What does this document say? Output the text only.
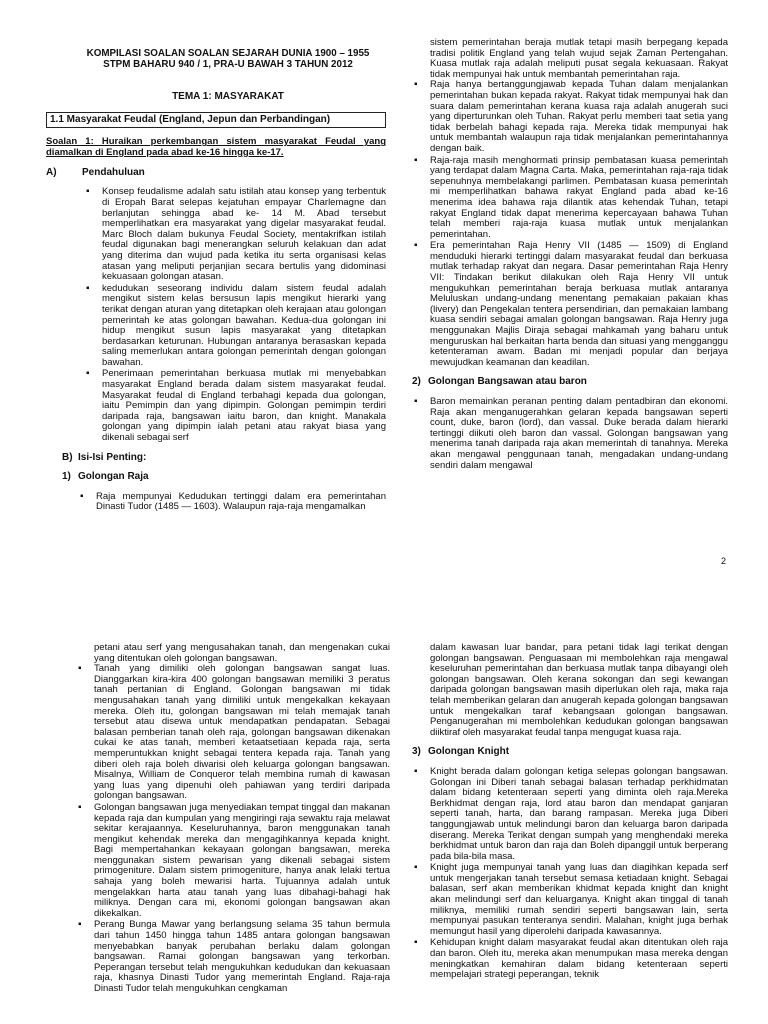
KOMPILASI SOALAN SOALAN SEJARAH DUNIA 1900 – 1955
STPM BAHARU 940 / 1, PRA-U BAWAH 3 TAHUN 2012
TEMA 1: MASYARAKAT
1.1 Masyarakat Feudal (England, Jepun dan Perbandingan)
Soalan 1: Huraikan perkembangan sistem masyarakat Feudal yang diamalkan di England pada abad ke-16 hingga ke-17.
A)	Pendahuluan
▪ Konsep feudalisme adalah satu istilah atau konsep yang terbentuk di Eropah Barat selepas kejatuhan empayar Charlemagne dan berlanjutan sehingga abad ke- 14 M. Abad tersebut memperlihatkan era masyarakat yang digelar masyarakat feudal. Marc Bloch dalam bukunya Feudal Society, mentakrifkan istilah feudal digunakan bagi menerangkan seluruh kelakuan dan adat yang diterima dan wujud pada ketika itu serta organisasi kelas atasan yang meliputi perjanjian secara bertulis yang didominasi kekuasaan golongan atasan.
▪ kedudukan seseorang individu dalam sistem feudal adalah mengikut sistem kelas bersusun lapis mengikut hierarki yang terikat dengan aturan yang ditetapkan oleh kerajaan atau golongan pemerintah ke atas golongan bawahan. Kedua-dua golongan ini hidup mengikut susun lapis masyarakat yang ditetapkan berdasarkan keturunan. Hubungan antaranya berasaskan kepada saling memerlukan antara golongan pemerintah dengan golongan bawahan.
▪ Penerimaan pemerintahan berkuasa mutlak mi menyebabkan masyarakat England berada dalam sistem masyarakat feudal. Masyarakat feudal di England terbahagi kepada dua golongan, iaitu Pemimpin dan yang dipimpin. Golongan pemimpin terdiri daripada raja, bangsawan iaitu baron, dan knight. Manakala golongan yang dipimpin ialah petani atau rakyat biasa yang dikenali sebagai serf
B) Isi-Isi Penting:
1) Golongan Raja
▪ Raja mempunyai Kedudukan tertinggi dalam era pemerintahan Dinasti Tudor (1485 — 1603). Walaupun raja-raja mengamalkan
sistem pemerintahan beraja mutlak tetapi masih berpegang kepada tradisi politik England yang telah wujud sejak Zaman Pertengahan. Kuasa mutlak raja adalah meliputi pusat segala kekuasaan. Rakyat tidak mempunyai hak untuk membantah pemerintahan raja.
▪ Raja hanya bertanggungjawab kepada Tuhan dalam menjalankan pemerintahan bukan kepada rakyat. Rakyat tidak mempunyai hak dan suara dalam pemerintahan kerana kuasa raja adalah anugerah suci yang diperturunkan oleh Tuhan. Rakyat perlu memberi taat setia yang tidak berbelah bahagi kepada raja. Mereka tidak mempunyai hak untuk membantah walaupun raja tidak menjalankan pemerintahannya dengan baik.
▪ Raja-raja masih menghormati prinsip pembatasan kuasa pemerintah yang terdapat dalam Magna Carta. Maka, pemerintahan raja-raja tidak sepenuhnya membelakangi parlimen. Pembatasan kuasa pemerintah mi memperlihatkan bahawa rakyat England pada abad ke-16 menerima idea bahawa raja dilantik atas kehendak Tuhan, tetapi rakyat England tidak dapat menerima kepercayaan bahawa Tuhan telah memberi raja-raja kuasa mutlak untuk menjalankan pemerintahan.
▪ Era pemerintahan Raja Henry VII (1485 — 1509) di England menduduki hierarki tertinggi dalam masyarakat feudal dan berkuasa mutlak terhadap rakyat dan negara. Dasar pemerintahan Raja Henry VII: Tindakan berikut dilakukan oleh Raja Henry VII untuk mengukuhkan pemerintahan beraja berkuasa mutlak antaranya Meluluskan undang-undang menentang pemakaian pakaian khas (livery) dan Pengekalan tentera persendirian, dan pemakaian lambang kuasa sendiri sebagai amalan golongan bangsawan. Raja Henry juga menggunakan Majlis Diraja sebagai mahkamah yang baharu untuk menguruskan hal berkaitan harta benda dan situasi yang mengganggu ketenteraman awam. Badan mi menjadi popular dan berjaya mewujudkan keamanan dan keadilan.
2) Golongan Bangsawan atau baron
▪ Baron memainkan peranan penting dalam pentadbiran dan ekonomi. Raja akan menganugerahkan gelaran kepada bangsawan seperti count, duke, baron (lord), dan vassal. Duke berada dalam hierarki tertinggi diikuti oleh baron dan vassal. Golongan bangsawan yang menerima tanah daripada raja akan memerintah di tanahnya. Mereka akan mengawal penggunaan tanah, mengadakan undang-undang sendiri dalam mengawal
2
petani atau serf yang mengusahakan tanah, dan mengenakan cukai yang ditentukan oleh golongan bangsawan.
▪ Tanah yang dimiliki oleh golongan bangsawan sangat luas. Dianggarkan kira-kira 400 golongan bangsawan memiliki 3 peratus tanah pertanian di England. Golongan bangsawan mi tidak mengusahakan tanah yang dimiliki untuk mengekalkan kekayaan mereka. Oleh itu, golongan bangsawan mi telah memajak tanah tersebut atau disewa untuk mendapatkan pendapatan. Sebagai balasan pemberian tanah oleh raja, golongan bangsawan dikenakan cukai ke atas tanah, memberi ketaatsetiaan kepada raja, serta memperuntukkan knight sebagai tentera kepada raja. Tanah yang diberi oleh raja boleh diwarisi oleh keluarga golongan bangsawan. Misalnya, William de Conqueror telah membina rumah di kawasan yang luas yang dipenuhi oleh pahiawan yang terdiri daripada golongan bangsawan.
▪ Golongan bangsawan juga menyediakan tempat tinggal dan makanan kepada raja dan kumpulan yang mengiringi raja sewaktu raja melawat sekitar kerajaannya. Keseluruhannya, baron menggunakan tanah mengikut kehendak mereka dan mengagihkannya kepada knight. Bagi mempertahankan kekayaan golongan bangsawan, mereka menggunakan sistem pewarisan yang dikenali sebagai sistem primogeniture. Dalam sistem primogeniture, hanya anak lelaki tertua sahaja yang boleh mewarisi harta. Tujuannya adalah untuk mengelakkan harta atau tanah yang luas dibahagi-bahagi hak miliknya. Dengan cara mi, ekonomi golongan bangsawan akan dikekalkan.
▪ Perang Bunga Mawar yang berlangsung selama 35 tahun bermula dari tahun 1450 hingga tahun 1485 antara golongan bangsawan menyebabkan banyak perubahan berlaku dalam golongan bangsawan. Ramai golongan bangsawan yang terkorban. Peperangan tersebut telah mengukuhkan kedudukan dan kekuasaan raja, khasnya Dinasti Tudor yang memerintah England. Raja-raja Dinasti Tudor telah mengukuhkan cengkaman
dalam kawasan luar bandar, para petani tidak lagi terikat dengan golongan bangsawan. Penguasaan mi membolehkan raja mengawal keseluruhan pemerintahan dan berkuasa mutlak tanpa dibayangi oleh golongan bangsawan. Oleh kerana sokongan dan segi kewangan daripada golongan bangsawan masih diperlukan oleh raja, maka raja telah memberikan gelaran dan anugerah kepada golongan bangsawan untuk mengekalkan taraf kebangsaan golongan bangsawan. Penganugerahan mi membolehkan kedudukan golongan bangsawan diiktiraf oleh masyarakat feudal tanpa mengugat kuasa raja.
3) Golongan Knight
▪ Knight berada dalam golongan ketiga selepas golongan bangsawan. Golongan ini Diberi tanah sebagai balasan terhadap perkhidmatan dalam bidang ketenteraan seperti yang diminta oleh raja.Mereka Berkhidmat dengan raja, lord atau baron dan mendapat ganjaran seperti tanah, harta, dan barang rampasan. Mereka juga Diberi tanggungjawab untuk melindungi baron dan keluarga baron daripada diserang. Mereka Terikat dengan sumpah yang menghendaki mereka berkhidmat untuk baron dan raja dan Boleh dipanggil untuk berperang pada bila-bila masa.
▪ Knight juga mempunyai tanah yang luas dan diagihkan kepada serf untuk mengerjakan tanah tersebut semasa ketiadaan knight. Sebagai balasan, serf akan memberikan khidmat kepada knight dan knight akan melindungi serf dan keluarganya. Knight akan tinggal di tanah miliknya, memiliki rumah sendiri seperti bangsawan lain, serta mempunyai pasukan tenteranya sendiri. Malahan, knight juga berhak memungut hasil yang diperolehi daripada kawasannya.
▪ Kehidupan knight dalam masyarakat feudal akan ditentukan oleh raja dan baron. Oleh itu, mereka akan menumpukan masa mereka dengan meningkatkan kemahiran dalam bidang ketenteraan seperti mempelajari strategi peperangan, teknik
